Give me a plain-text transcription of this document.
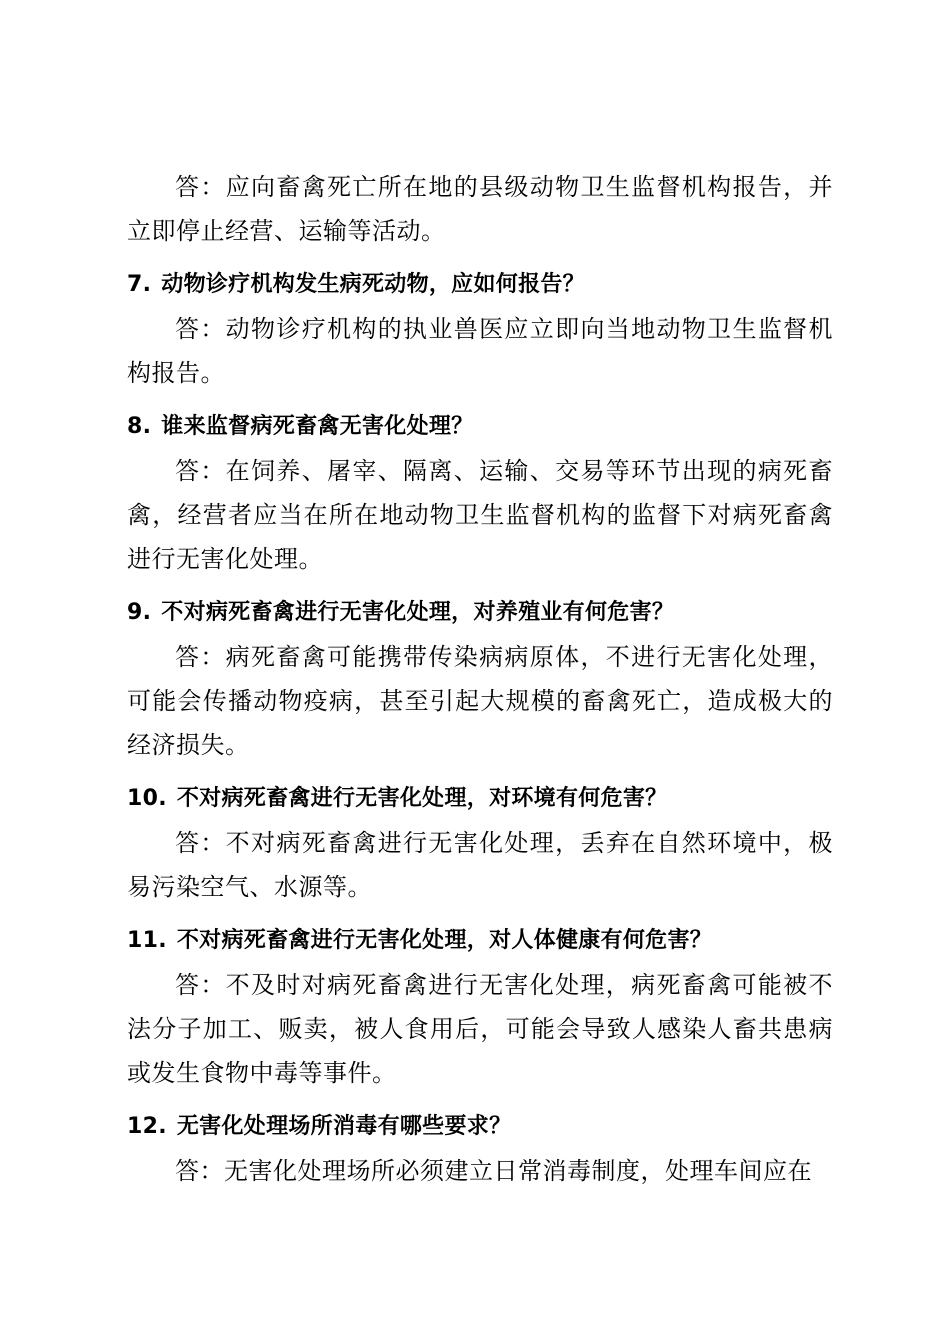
答：应向畜禽死亡所在地的县级动物卫生监督机构报告，并立即停止经营、运输等活动。

7. 动物诊疗机构发生病死动物，应如何报告？

答：动物诊疗机构的执业兽医应立即向当地动物卫生监督机构报告。

8. 谁来监督病死畜禽无害化处理？

答：在饲养、屠宰、隔离、运输、交易等环节出现的病死畜禽，经营者应当在所在地动物卫生监督机构的监督下对病死畜禽进行无害化处理。

9. 不对病死畜禽进行无害化处理，对养殖业有何危害？

答：病死畜禽可能携带传染病病原体，不进行无害化处理，可能会传播动物疫病，甚至引起大规模的畜禽死亡，造成极大的经济损失。

10. 不对病死畜禽进行无害化处理，对环境有何危害？

答：不对病死畜禽进行无害化处理，丢弃在自然环境中，极易污染空气、水源等。

11. 不对病死畜禽进行无害化处理，对人体健康有何危害？

答：不及时对病死畜禽进行无害化处理，病死畜禽可能被不法分子加工、贩卖，被人食用后，可能会导致人感染人畜共患病或发生食物中毒等事件。

12. 无害化处理场所消毒有哪些要求？

答：无害化处理场所必须建立日常消毒制度，处理车间应在
